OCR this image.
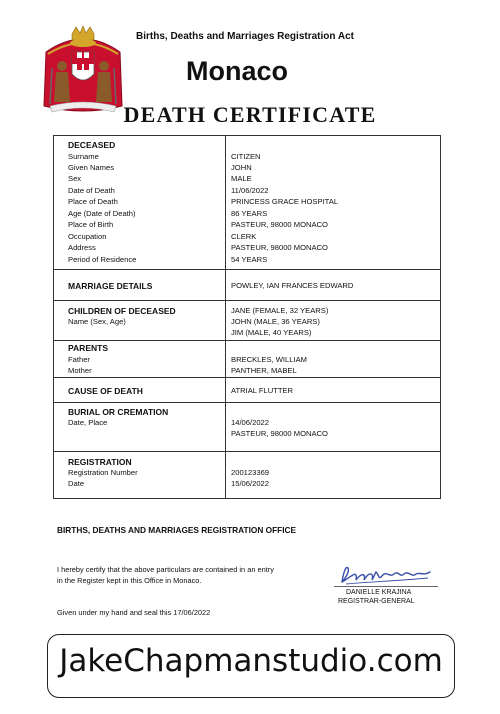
Births, Deaths and Marriages Registration Act
Monaco
DEATH CERTIFICATE
DECEASED
Surname	CITIZEN
Given Names	JOHN
Sex	MALE
Date of Death	11/06/2022
Place of Death	PRINCESS GRACE HOSPITAL
Age (Date of Death)	86 YEARS
Place of Birth	PASTEUR, 98000 MONACO
Occupation	CLERK
Address	PASTEUR, 98000 MONACO
Period of Residence	54 YEARS
MARRIAGE DETAILS	POWLEY, IAN FRANCES EDWARD
CHILDREN OF DECEASED
Name (Sex, Age)
JANE (FEMALE, 32 YEARS)
JOHN (MALE, 36 YEARS)
JIM (MALE, 40 YEARS)
PARENTS
Father	BRECKLES, WILLIAM
Mother	PANTHER, MABEL
CAUSE OF DEATH	ATRIAL FLUTTER
BURIAL OR CREMATION
Date, Place	14/06/2022
PASTEUR, 98000 MONACO
REGISTRATION
Registration Number	200123369
Date	15/06/2022
BIRTHS, DEATHS AND MARRIAGES REGISTRATION OFFICE
I hereby certify that the above particulars are contained in an entry
in the Register kept in this Office in Monaco.
Given under my hand and seal this 17/06/2022
DANIELLE KRAJINA
REGISTRAR-GENERAL
JakeChapmanstudio.com
